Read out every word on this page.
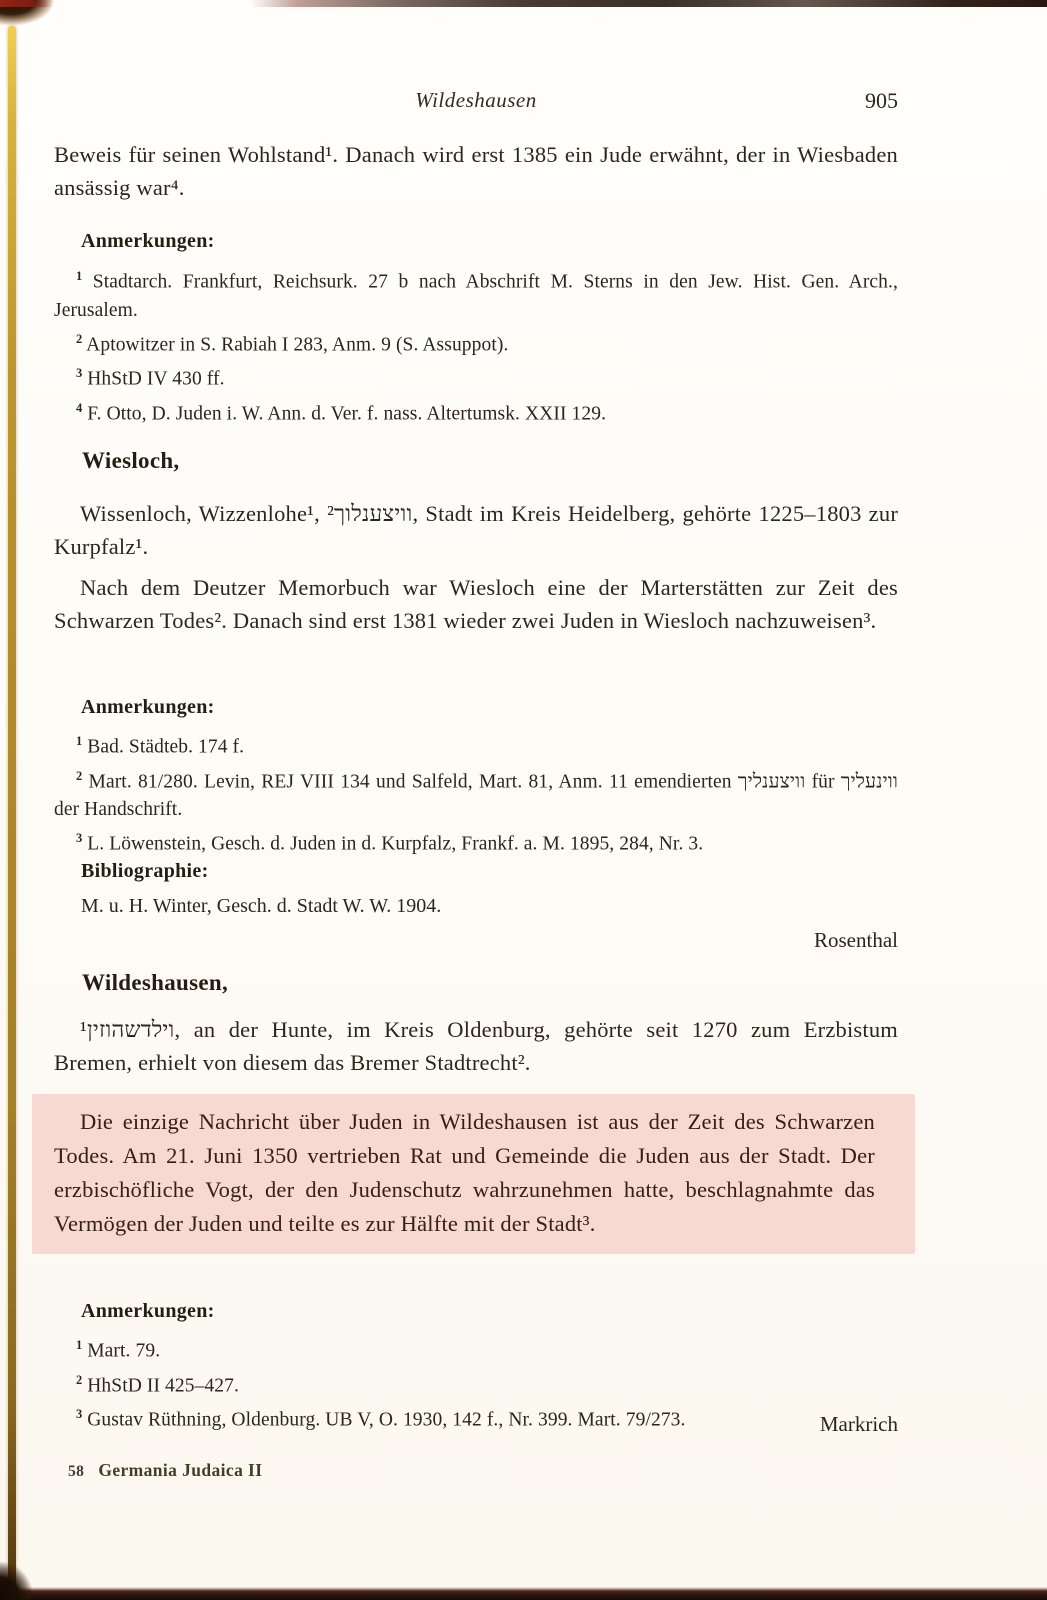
Wildeshausen	905

Beweis für seinen Wohlstand¹. Danach wird erst 1385 ein Jude erwähnt, der in Wiesbaden ansässig war⁴.

Anmerkungen:

$^1$ Stadtarch. Frankfurt, Reichsurk. 27 b nach Abschrift M. Sterns in den Jew. Hist. Gen. Arch., Jerusalem.

$^2$ Aptowitzer in S. Rabiah I 283, Anm. 9 (S. Assuppot).

$^3$ HhStD IV 430 ff.

$^4$ F. Otto, D. Juden i. W. Ann. d. Ver. f. nass. Altertumsk. XXII 129.

Wiesloch,

Wissenloch, Wizzenlohe¹, וויצענלוך², Stadt im Kreis Heidelberg, gehörte 1225–1803 zur Kurpfalz¹.

Nach dem Deutzer Memorbuch war Wiesloch eine der Marterstätten zur Zeit des Schwarzen Todes². Danach sind erst 1381 wieder zwei Juden in Wiesloch nachzuweisen³.

Anmerkungen:

$^1$ Bad. Städteb. 174 f.

$^2$ Mart. 81/280. Levin, REJ VIII 134 und Salfeld, Mart. 81, Anm. 11 emendierten וויצענליך für ווינעליך der Handschrift.

$^3$ L. Löwenstein, Gesch. d. Juden in d. Kurpfalz, Frankf. a. M. 1895, 284, Nr. 3.

Bibliographie:

M. u. H. Winter, Gesch. d. Stadt W. W. 1904.

Rosenthal
Wildeshausen,

וילדשהוזין¹, an der Hunte, im Kreis Oldenburg, gehörte seit 1270 zum Erzbistum Bremen, erhielt von diesem das Bremer Stadtrecht².

Die einzige Nachricht über Juden in Wildeshausen ist aus der Zeit des Schwarzen Todes. Am 21. Juni 1350 vertrieben Rat und Gemeinde die Juden aus der Stadt. Der erzbischöfliche Vogt, der den Judenschutz wahrzunehmen hatte, beschlagnahmte das Vermögen der Juden und teilte es zur Hälfte mit der Stadt³.

Anmerkungen:

$^1$ Mart. 79.

$^2$ HhStD II 425–427.

$^3$ Gustav Rüthning, Oldenburg. UB V, O. 1930, 142 f., Nr. 399. Mart. 79/273.	Markrich
58 Germania Judaica II
